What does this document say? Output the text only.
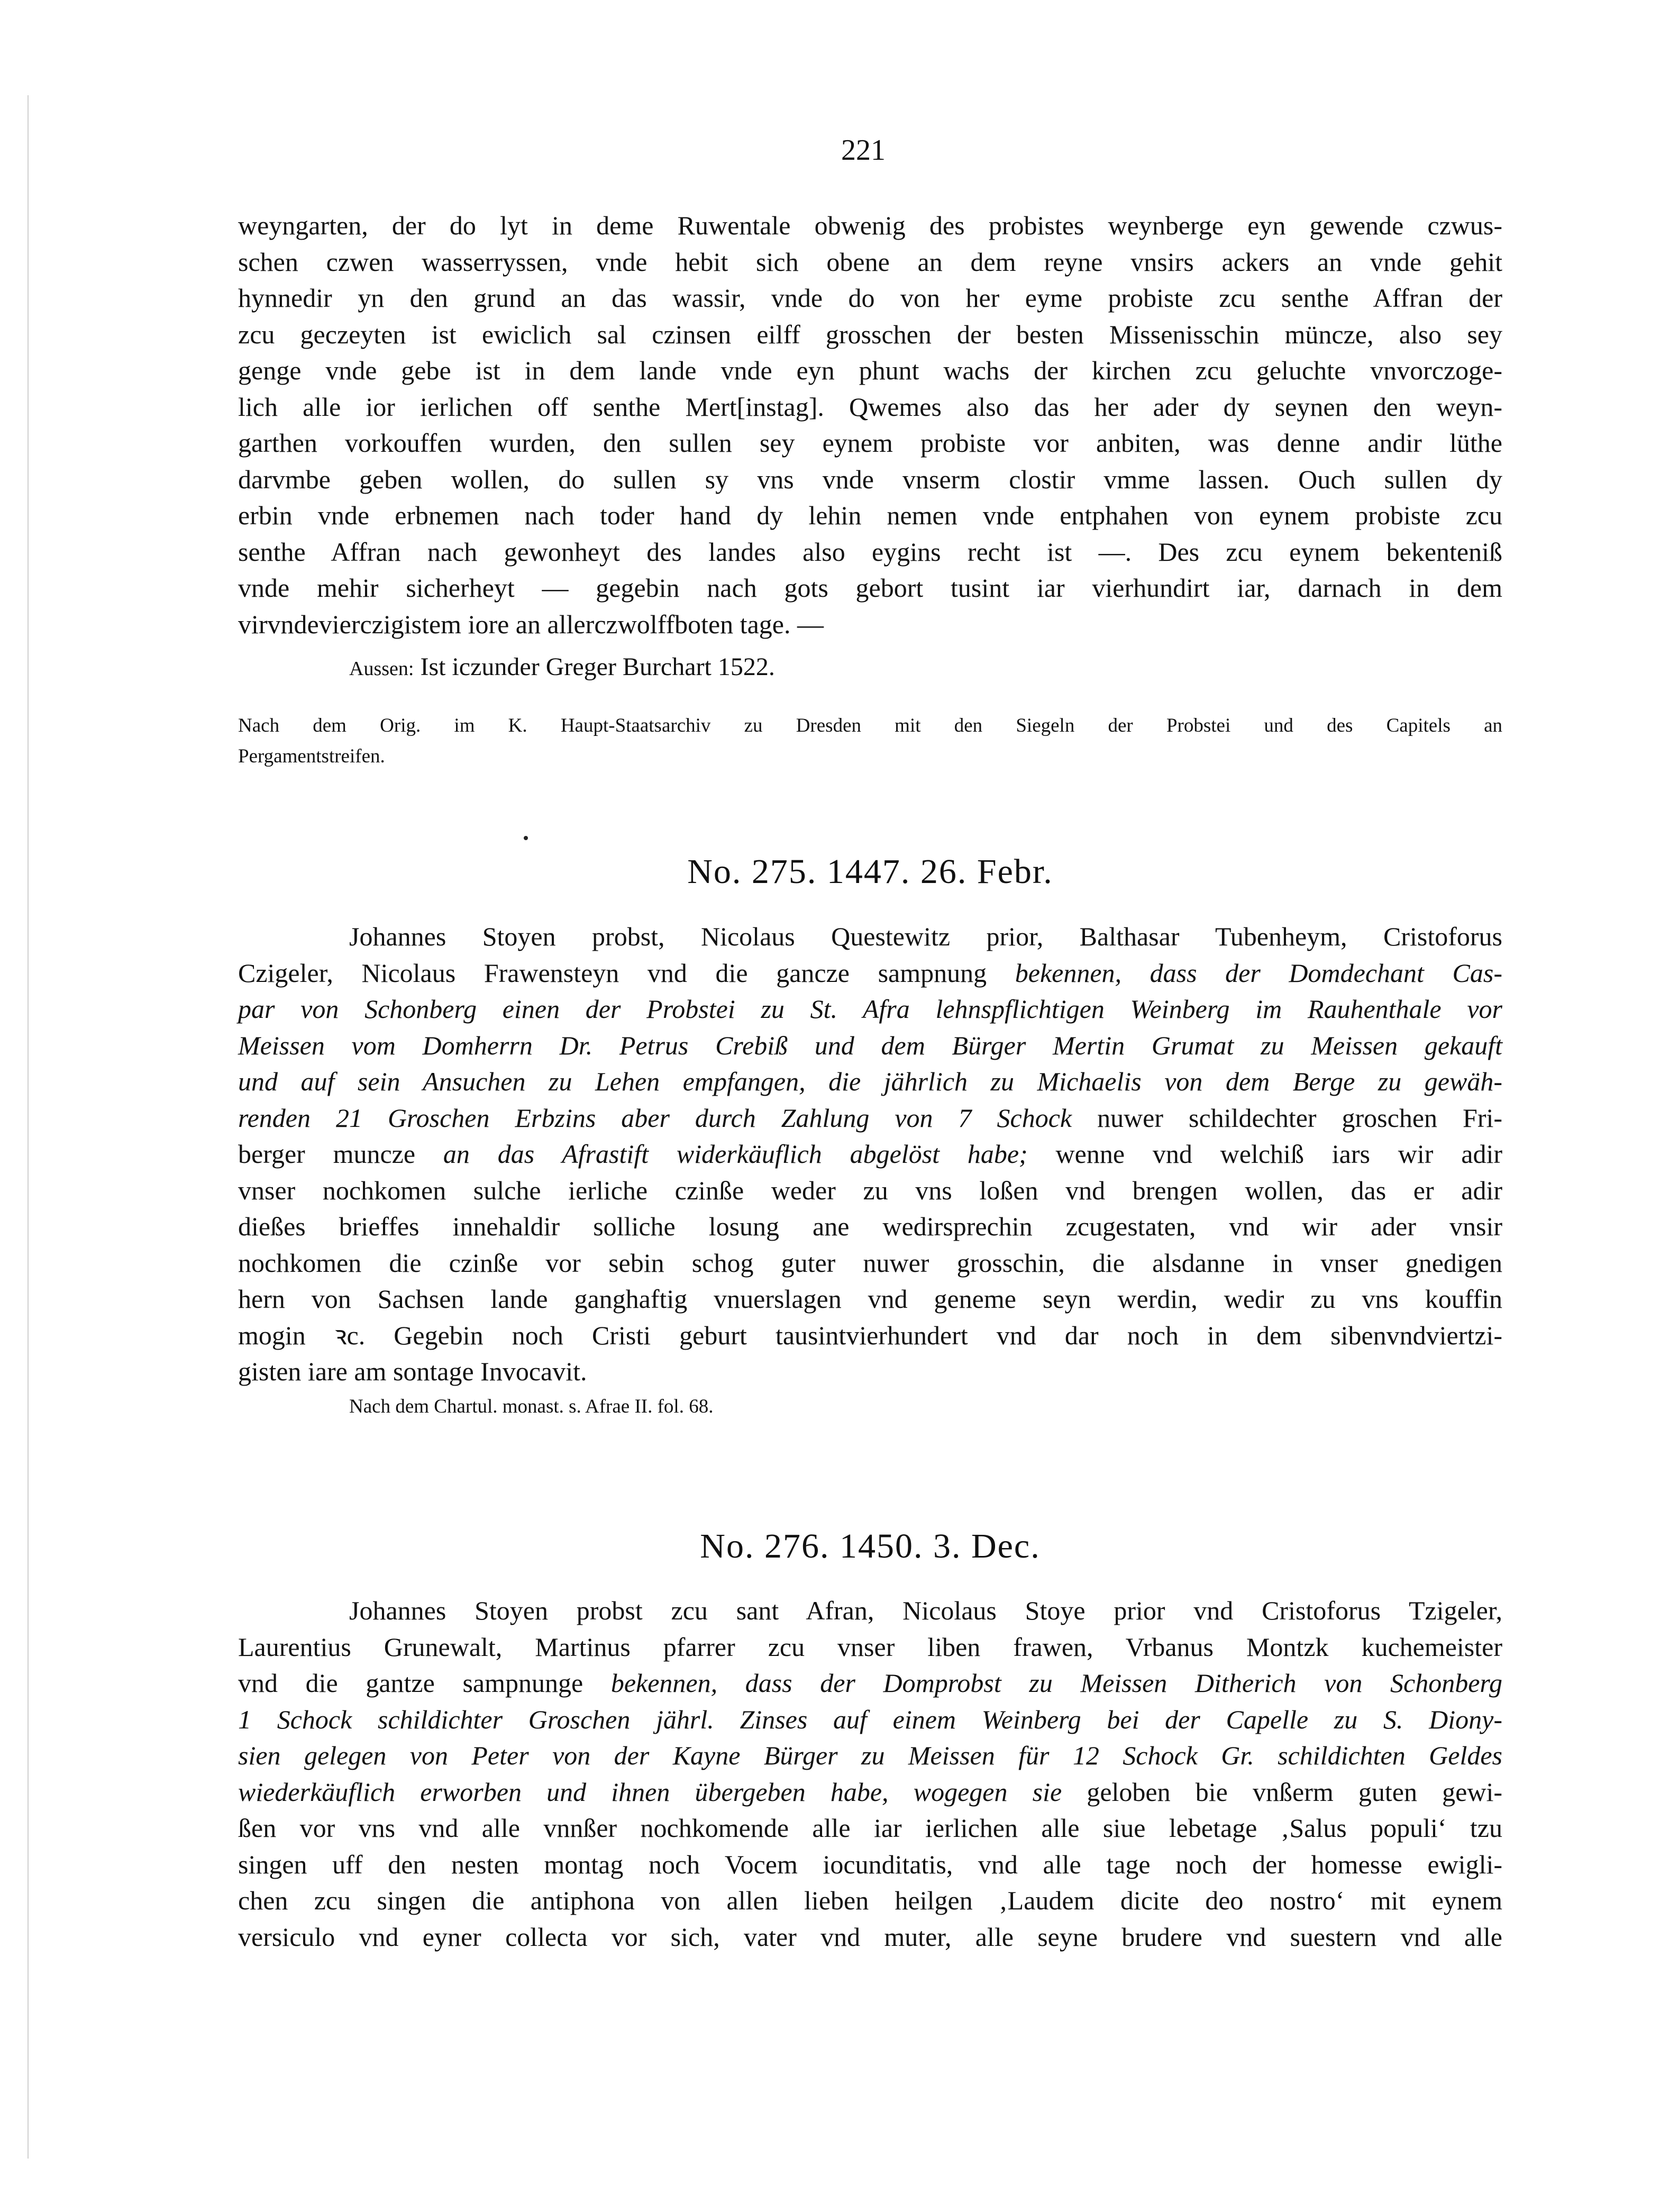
221
weyngarten, der do lyt in deme Ruwentale obwenig des probistes weynberge eyn gewende czwus-
schen czwen wasserryssen, vnde hebit sich obene an dem reyne vnsirs ackers an vnde gehit
hynnedir yn den grund an das wassir, vnde do von her eyme probiste zcu senthe Affran der
zcu geczeyten ist ewiclich sal czinsen eilff grosschen der besten Missenisschin müncze, also sey
genge vnde gebe ist in dem lande vnde eyn phunt wachs der kirchen zcu geluchte vnvorczoge-
lich alle ior ierlichen off senthe Mert[instag]. Qwemes also das her ader dy seynen den weyn-
garthen vorkouffen wurden, den sullen sey eynem probiste vor anbiten, was denne andir lüthe
darvmbe geben wollen, do sullen sy vns vnde vnserm clostir vmme lassen. Ouch sullen dy
erbin vnde erbnemen nach toder hand dy lehin nemen vnde entphahen von eynem probiste zcu
senthe Affran nach gewonheyt des landes also eygins recht ist —. Des zcu eynem bekenteniß
vnde mehir sicherheyt — gegebin nach gots gebort tusint iar vierhundirt iar, darnach in dem
virvndevierczigistem iore an allerczwolffboten tage. —
Aussen: Ist iczunder Greger Burchart 1522.
Nach dem Orig. im K. Haupt-Staatsarchiv zu Dresden mit den Siegeln der Probstei und des Capitels an
Pergamentstreifen.
No. 275. 1447. 26. Febr.
Johannes Stoyen probst, Nicolaus Questewitz prior, Balthasar Tubenheym, Cristoforus
Czigeler, Nicolaus Frawensteyn vnd die gancze sampnung bekennen, dass der Domdechant Cas-
par von Schonberg einen der Probstei zu St. Afra lehnspflichtigen Weinberg im Rauhenthale vor
Meissen vom Domherrn Dr. Petrus Crebiß und dem Bürger Mertin Grumat zu Meissen gekauft
und auf sein Ansuchen zu Lehen empfangen, die jährlich zu Michaelis von dem Berge zu gewäh-
renden 21 Groschen Erbzins aber durch Zahlung von 7 Schock nuwer schildechter groschen Fri-
berger muncze an das Afrastift widerkäuflich abgelöst habe; wenne vnd welchiß iars wir adir
vnser nochkomen sulche ierliche czinße weder zu vns loßen vnd brengen wollen, das er adir
dießes brieffes innehaldir solliche losung ane wedirsprechin zcugestaten, vnd wir ader vnsir
nochkomen die czinße vor sebin schog guter nuwer grosschin, die alsdanne in vnser gnedigen
hern von Sachsen lande ganghaftig vnuerslagen vnd geneme seyn werdin, wedir zu vns kouffin
mogin ꝛc. Gegebin noch Cristi geburt tausintvierhundert vnd dar noch in dem sibenvndviertzi-
gisten iare am sontage Invocavit.
Nach dem Chartul. monast. s. Afrae II. fol. 68.
No. 276. 1450. 3. Dec.
Johannes Stoyen probst zcu sant Afran, Nicolaus Stoye prior vnd Cristoforus Tzigeler,
Laurentius Grunewalt, Martinus pfarrer zcu vnser liben frawen, Vrbanus Montzk kuchemeister
vnd die gantze sampnunge bekennen, dass der Domprobst zu Meissen Ditherich von Schonberg
1 Schock schildichter Groschen jährl. Zinses auf einem Weinberg bei der Capelle zu S. Diony-
sien gelegen von Peter von der Kayne Bürger zu Meissen für 12 Schock Gr. schildichten Geldes
wiederkäuflich erworben und ihnen übergeben habe, wogegen sie geloben bie vnßerm guten gewi-
ßen vor vns vnd alle vnnßer nochkomende alle iar ierlichen alle siue lebetage ‚Salus populi‘ tzu
singen uff den nesten montag noch Vocem iocunditatis, vnd alle tage noch der homesse ewigli-
chen zcu singen die antiphona von allen lieben heilgen ‚Laudem dicite deo nostro‘ mit eynem
versiculo vnd eyner collecta vor sich, vater vnd muter, alle seyne brudere vnd suestern vnd alle
